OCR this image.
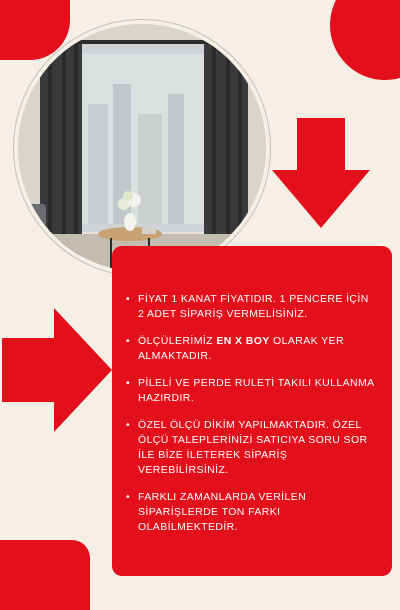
• FİYAT 1 KANAT FİYATIDIR. 1 PENCERE İÇİN 2 ADET SİPARİŞ VERMELİSİNİZ.
• ÖLÇÜLERİMİZ EN X BOY OLARAK YER ALMAKTADIR.
• PİLELİ VE PERDE RULETİ TAKILI KULLANMA HAZIRDIR.
• ÖZEL ÖLÇÜ DİKİM YAPILMAKTADIR. ÖZEL ÖLÇÜ TALEPLERİNİZİ SATICIYA SORU SOR İLE BİZE İLETEREK SİPARİŞ VEREBİLİRSİNİZ.
• FARKLI ZAMANLARDA VERİLEN SİPARİŞLERDE TON FARKI OLABİLMEKTEDİR.
